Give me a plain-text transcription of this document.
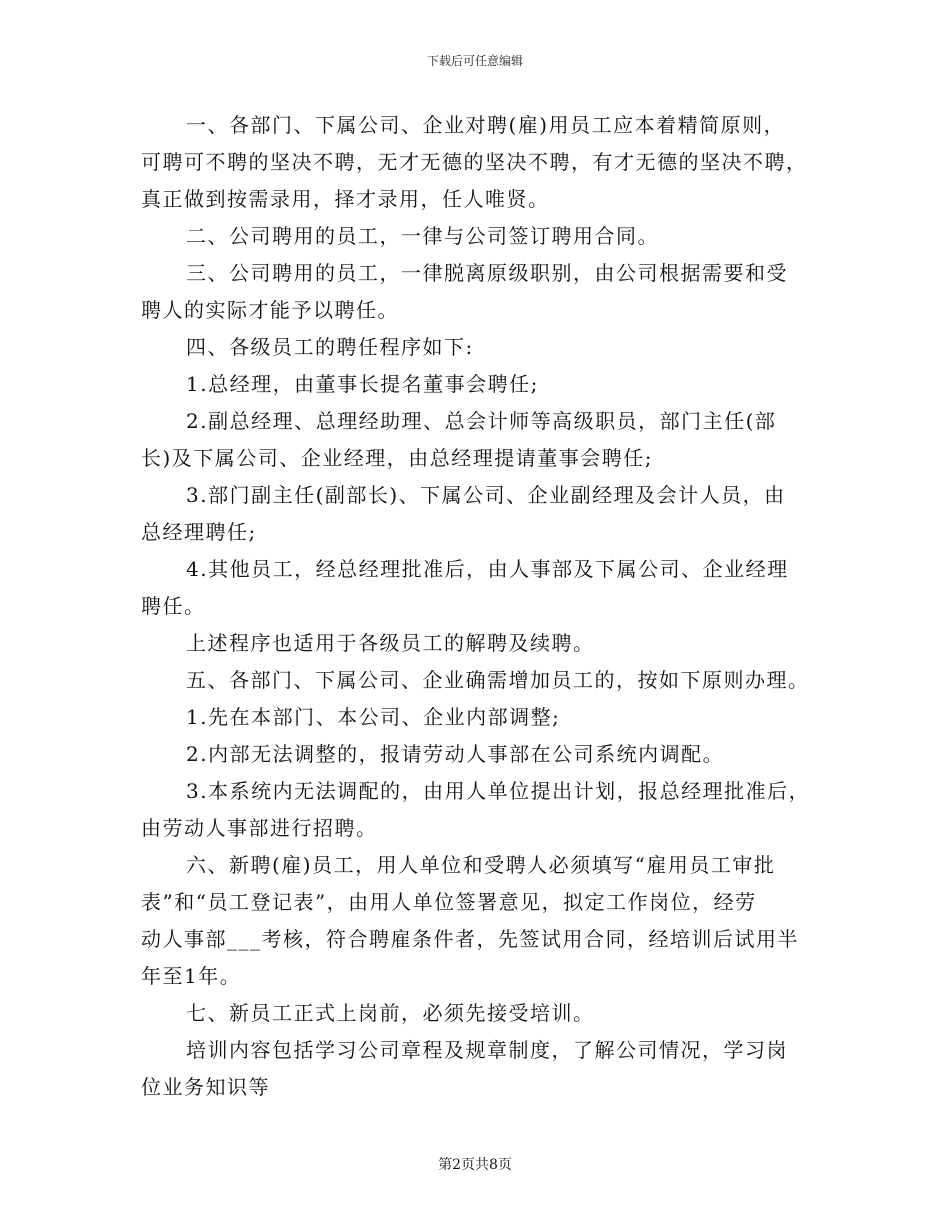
下载后可任意编辑

一、各部门、下属公司、企业对聘(雇)用员工应本着精简原则，
可聘可不聘的坚决不聘，无才无德的坚决不聘，有才无德的坚决不聘，
真正做到按需录用，择才录用，任人唯贤。

二、公司聘用的员工，一律与公司签订聘用合同。

三、公司聘用的员工，一律脱离原级职别，由公司根据需要和受
聘人的实际才能予以聘任。

四、各级员工的聘任程序如下:

1.总经理，由董事长提名董事会聘任;

2.副总经理、总理经助理、总会计师等高级职员，部门主任(部
长)及下属公司、企业经理，由总经理提请董事会聘任;

3.部门副主任(副部长)、下属公司、企业副经理及会计人员，由
总经理聘任;

4.其他员工，经总经理批准后，由人事部及下属公司、企业经理
聘任。

上述程序也适用于各级员工的解聘及续聘。

五、各部门、下属公司、企业确需增加员工的，按如下原则办理。

1.先在本部门、本公司、企业内部调整;

2.内部无法调整的，报请劳动人事部在公司系统内调配。

3.本系统内无法调配的，由用人单位提出计划，报总经理批准后，
由劳动人事部进行招聘。

六、新聘(雇)员工，用人单位和受聘人必须填写“雇用员工审批
表”和“员工登记表”，由用人单位签署意见，拟定工作岗位，经劳
动人事部___考核，符合聘雇条件者，先签试用合同，经培训后试用半
年至1年。

七、新员工正式上岗前，必须先接受培训。

培训内容包括学习公司章程及规章制度，了解公司情况，学习岗
位业务知识等

第2页共8页
